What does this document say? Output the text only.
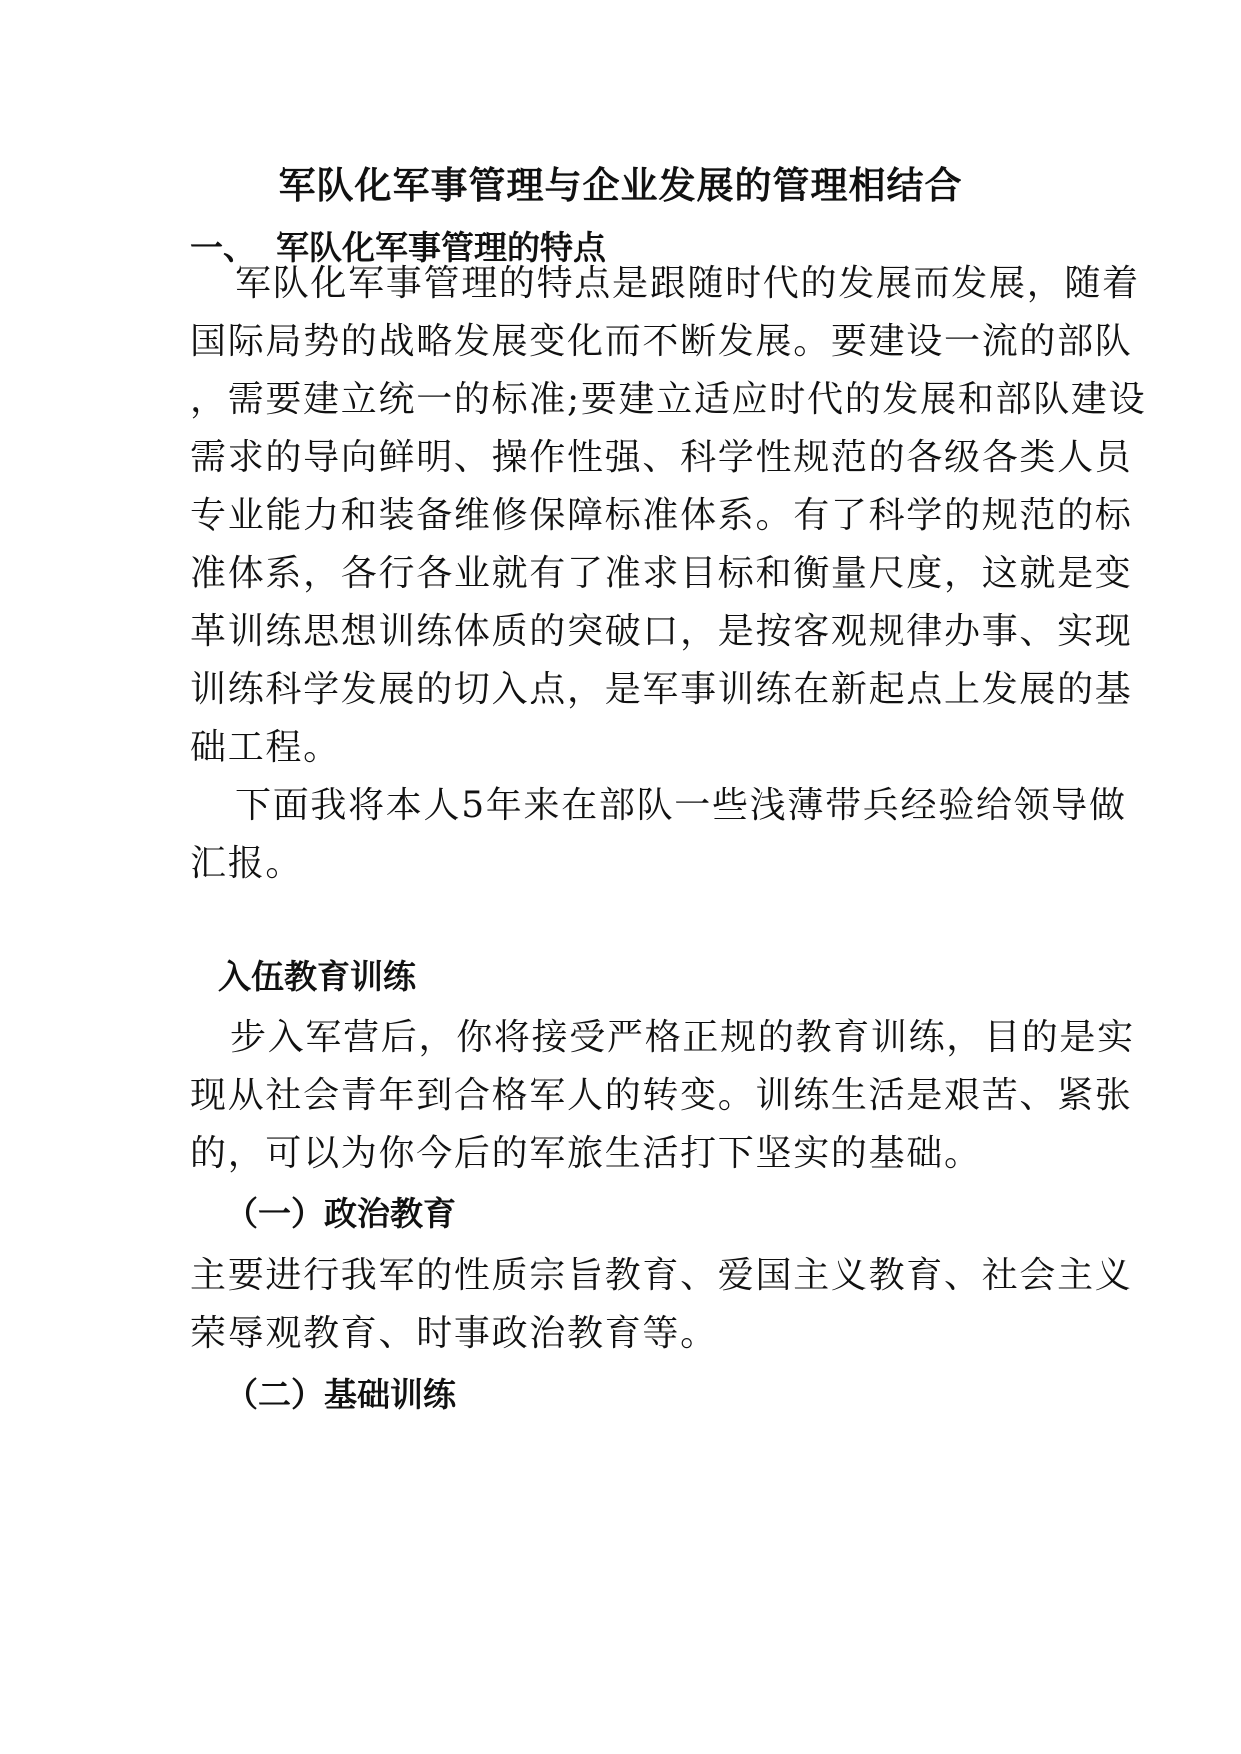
军队化军事管理与企业发展的管理相结合
一、 军队化军事管理的特点
军队化军事管理的特点是跟随时代的发展而发展，随着
国际局势的战略发展变化而不断发展。要建设一流的部队
，需要建立统一的标准;要建立适应时代的发展和部队建设
需求的导向鲜明、操作性强、科学性规范的各级各类人员
专业能力和装备维修保障标准体系。有了科学的规范的标
准体系，各行各业就有了准求目标和衡量尺度，这就是变
革训练思想训练体质的突破口，是按客观规律办事、实现
训练科学发展的切入点，是军事训练在新起点上发展的基
础工程。
下面我将本人5年来在部队一些浅薄带兵经验给领导做
汇报。
入伍教育训练
步入军营后，你将接受严格正规的教育训练，目的是实
现从社会青年到合格军人的转变。训练生活是艰苦、紧张
的，可以为你今后的军旅生活打下坚实的基础。
（一）政治教育
主要进行我军的性质宗旨教育、爱国主义教育、社会主义
荣辱观教育、时事政治教育等。
（二）基础训练
